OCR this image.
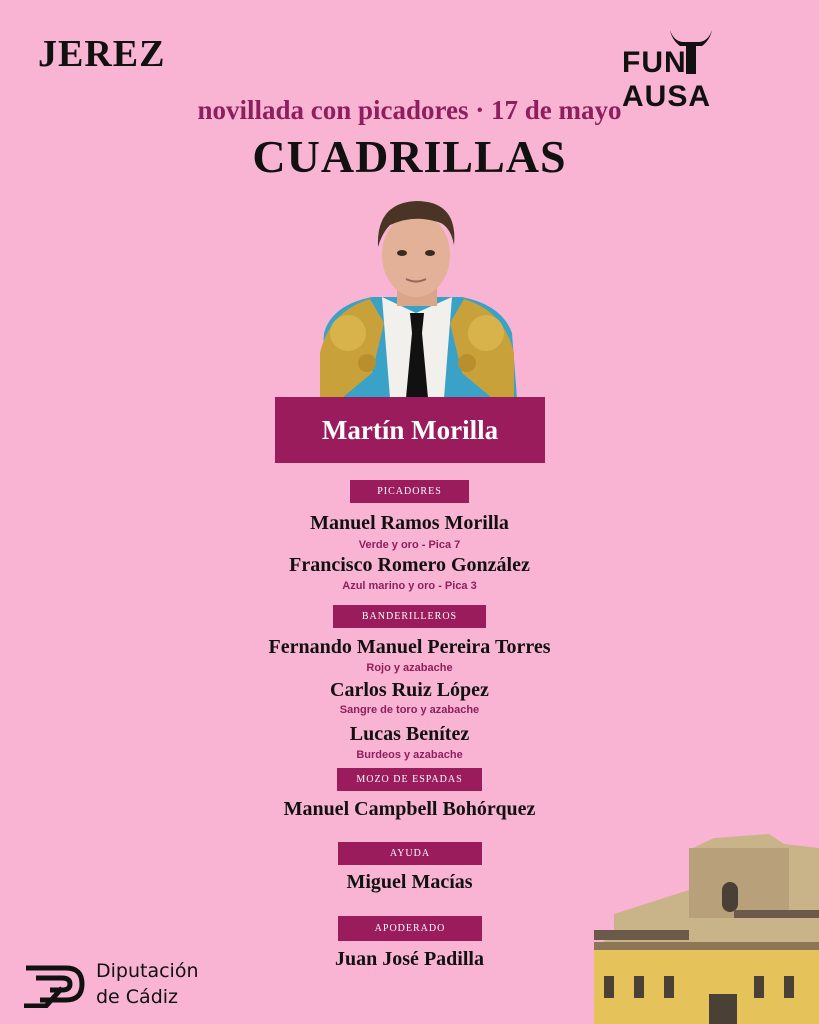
JEREZ	FUNAUSA
novillada con picadores · 17 de mayo
CUADRILLAS
Martín Morilla
PICADORES
Manuel Ramos Morilla
Verde y oro - Pica 7
Francisco Romero González
Azul marino y oro - Pica 3
BANDERILLEROS
Fernando Manuel Pereira Torres
Rojo y azabache
Carlos Ruiz López
Sangre de toro y azabache
Lucas Benítez
Burdeos y azabache
MOZO DE ESPADAS
Manuel Campbell Bohórquez
AYUDA
Miguel Macías
APODERADO
Juan José Padilla
Diputación
de Cádiz
